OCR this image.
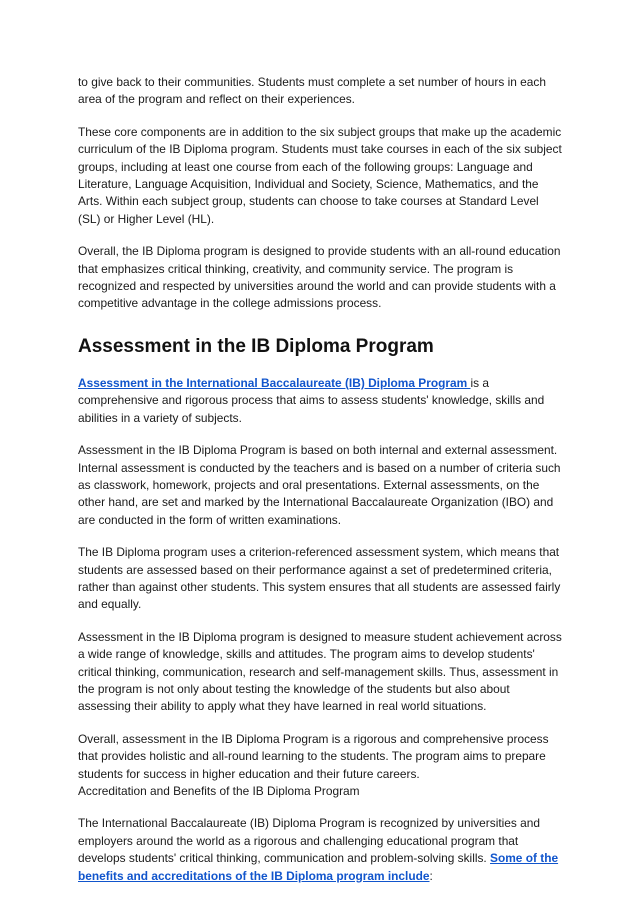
to give back to their communities. Students must complete a set number of hours in each area of the program and reflect on their experiences.

These core components are in addition to the six subject groups that make up the academic curriculum of the IB Diploma program. Students must take courses in each of the six subject groups, including at least one course from each of the following groups: Language and Literature, Language Acquisition, Individual and Society, Science, Mathematics, and the Arts. Within each subject group, students can choose to take courses at Standard Level (SL) or Higher Level (HL).

Overall, the IB Diploma program is designed to provide students with an all-round education that emphasizes critical thinking, creativity, and community service. The program is recognized and respected by universities around the world and can provide students with a competitive advantage in the college admissions process.

Assessment in the IB Diploma Program

Assessment in the International Baccalaureate (IB) Diploma Program is a comprehensive and rigorous process that aims to assess students' knowledge, skills and abilities in a variety of subjects.

Assessment in the IB Diploma Program is based on both internal and external assessment. Internal assessment is conducted by the teachers and is based on a number of criteria such as classwork, homework, projects and oral presentations. External assessments, on the other hand, are set and marked by the International Baccalaureate Organization (IBO) and are conducted in the form of written examinations.

The IB Diploma program uses a criterion-referenced assessment system, which means that students are assessed based on their performance against a set of predetermined criteria, rather than against other students. This system ensures that all students are assessed fairly and equally.

Assessment in the IB Diploma program is designed to measure student achievement across a wide range of knowledge, skills and attitudes. The program aims to develop students' critical thinking, communication, research and self-management skills. Thus, assessment in the program is not only about testing the knowledge of the students but also about assessing their ability to apply what they have learned in real world situations.

Overall, assessment in the IB Diploma Program is a rigorous and comprehensive process that provides holistic and all-round learning to the students. The program aims to prepare students for success in higher education and their future careers.

Accreditation and Benefits of the IB Diploma Program

The International Baccalaureate (IB) Diploma Program is recognized by universities and employers around the world as a rigorous and challenging educational program that develops students' critical thinking, communication and problem-solving skills. Some of the benefits and accreditations of the IB Diploma program include:
